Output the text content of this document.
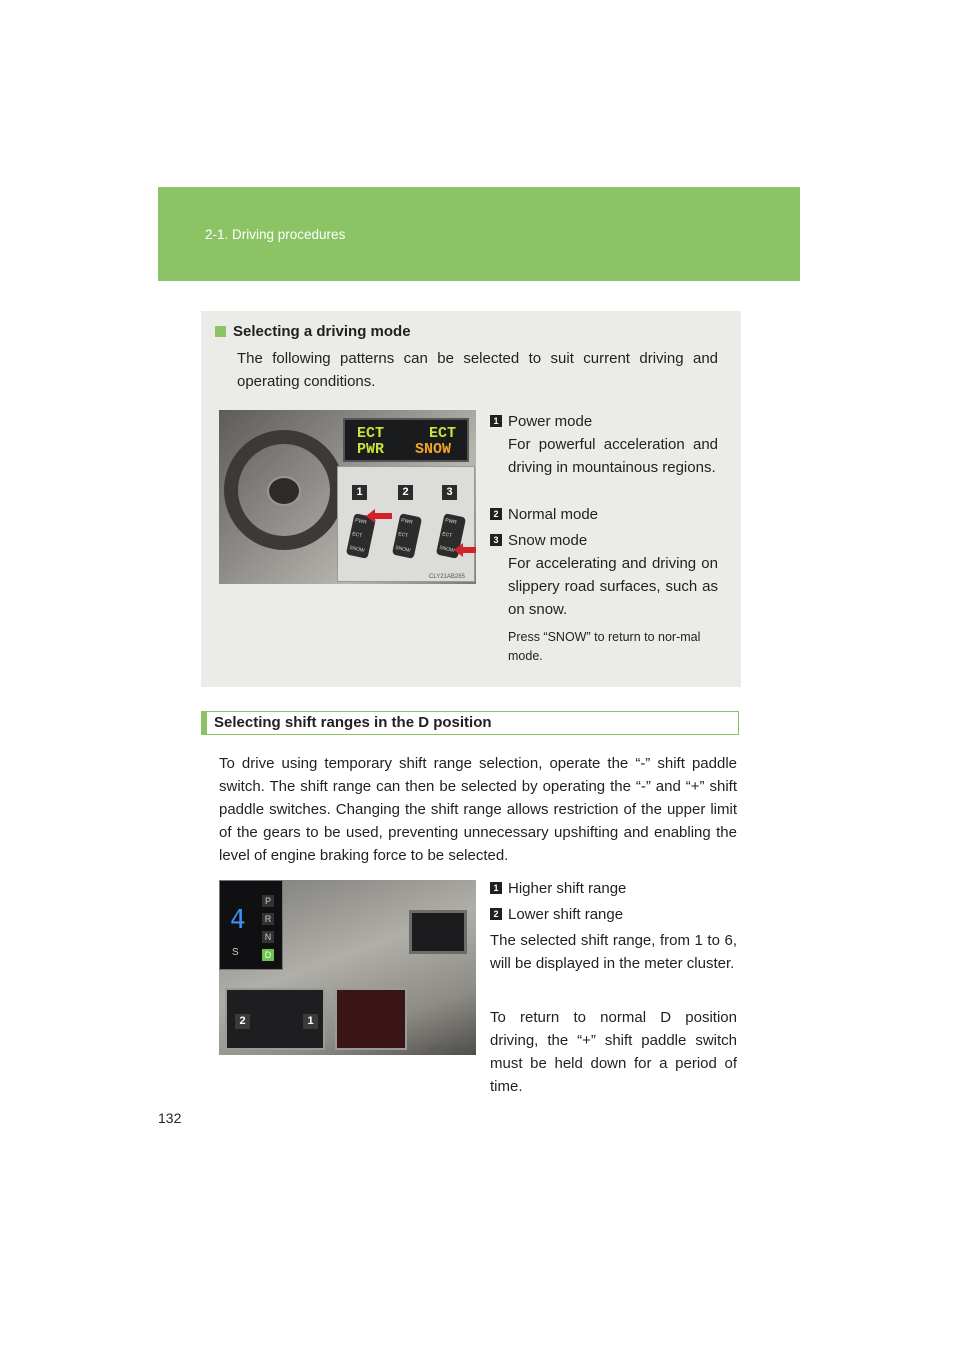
2-1. Driving procedures
Selecting a driving mode
The following patterns can be selected to suit current driving and operating conditions.
ECT
PWR
ECT
SNOW
1	2	3
PWR
ECT
SNOW
PWR
ECT
SNOW
PWR
ECT
SNOW
CLY21AB285
1 Power mode
For powerful acceleration and driving in mountainous regions.
2 Normal mode
3 Snow mode
For accelerating and driving on slippery road surfaces, such as on snow.
Press “SNOW” to return to nor-mal mode.
Selecting shift ranges in the D position
To drive using temporary shift range selection, operate the “-” shift paddle switch. The shift range can then be selected by operating the “-” and “+” shift paddle switches. Changing the shift range allows restriction of the upper limit of the gears to be used, preventing unnecessary upshifting and enabling the level of engine braking force to be selected.
4
P
R
N
D
S
2	1
CLY21AB300
1 Higher shift range
2 Lower shift range
The selected shift range, from 1 to 6, will be displayed in the meter cluster.
To return to normal D position driving, the “+” shift paddle switch must be held down for a period of time.
132
